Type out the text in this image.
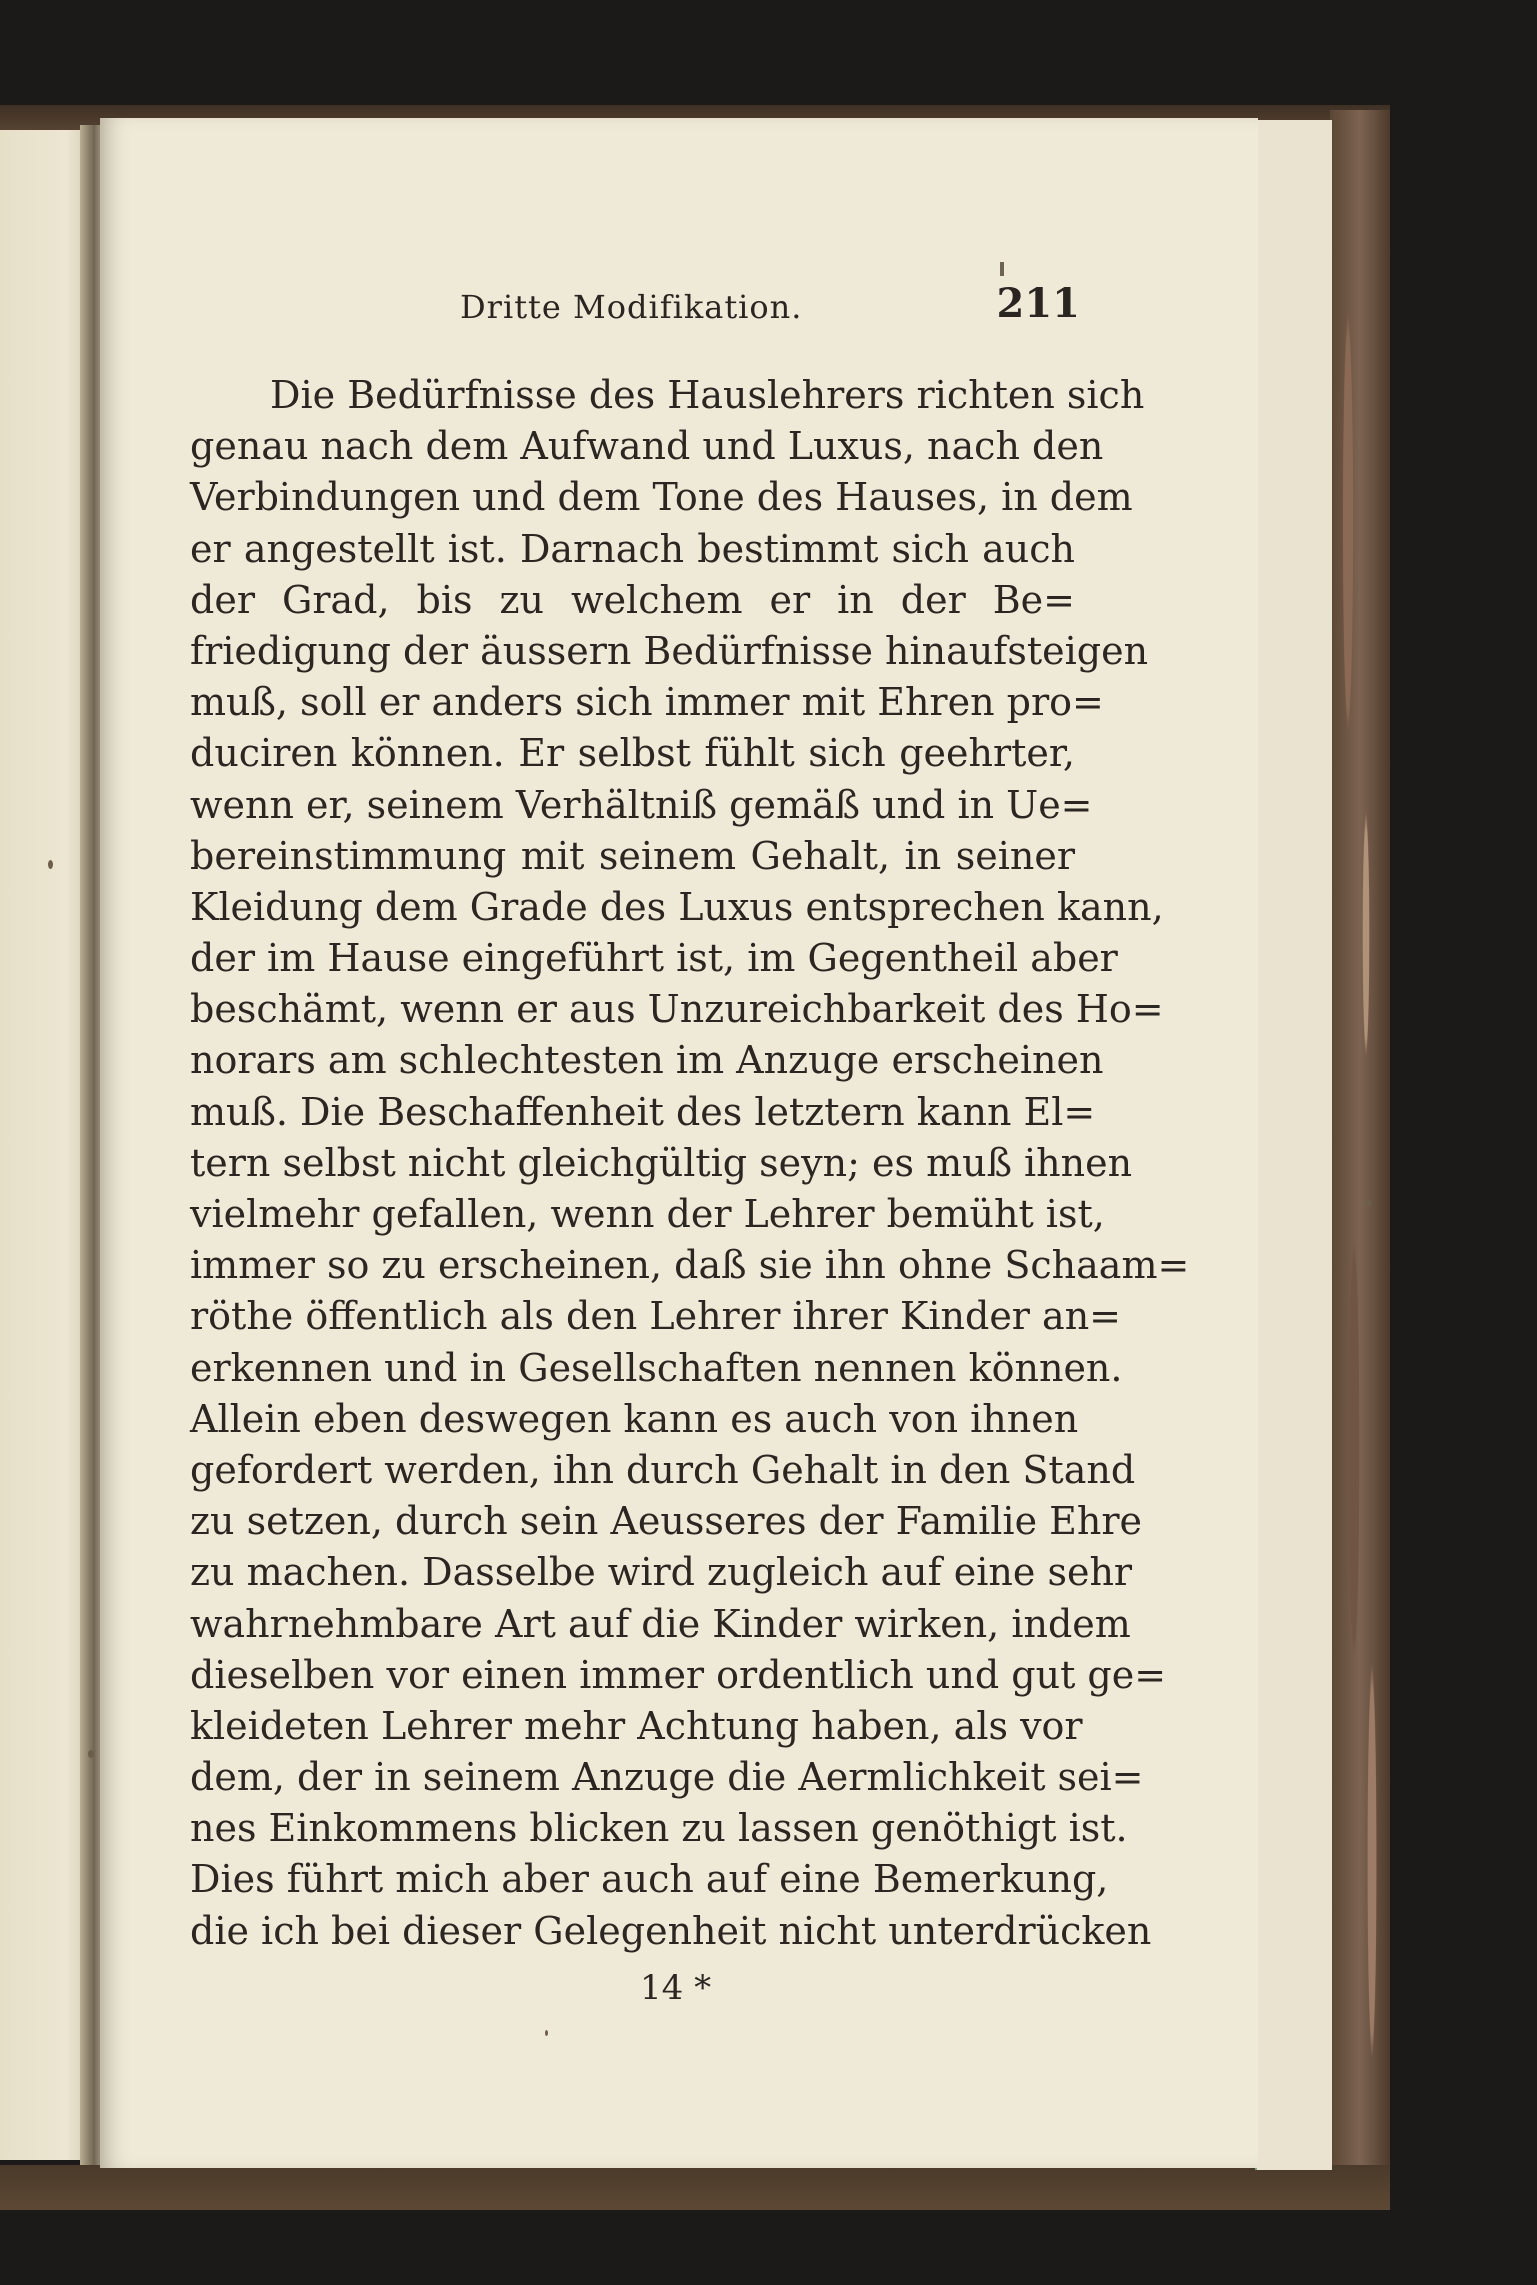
Dritte Modifikation.	211
Die Bedürfnisse des Hauslehrers richten sich
genau nach dem Aufwand und Luxus, nach den
Verbindungen und dem Tone des Hauses, in dem
er angestellt ist. Darnach bestimmt sich auch
der Grad, bis zu welchem er in der Be=
friedigung der äussern Bedürfnisse hinaufsteigen
muß, soll er anders sich immer mit Ehren pro=
duciren können. Er selbst fühlt sich geehrter,
wenn er, seinem Verhältniß gemäß und in Ue=
bereinstimmung mit seinem Gehalt, in seiner
Kleidung dem Grade des Luxus entsprechen kann,
der im Hause eingeführt ist, im Gegentheil aber
beschämt, wenn er aus Unzureichbarkeit des Ho=
norars am schlechtesten im Anzuge erscheinen
muß. Die Beschaffenheit des letztern kann El=
tern selbst nicht gleichgültig seyn; es muß ihnen
vielmehr gefallen, wenn der Lehrer bemüht ist,
immer so zu erscheinen, daß sie ihn ohne Schaam=
röthe öffentlich als den Lehrer ihrer Kinder an=
erkennen und in Gesellschaften nennen können.
Allein eben deswegen kann es auch von ihnen
gefordert werden, ihn durch Gehalt in den Stand
zu setzen, durch sein Aeusseres der Familie Ehre
zu machen. Dasselbe wird zugleich auf eine sehr
wahrnehmbare Art auf die Kinder wirken, indem
dieselben vor einen immer ordentlich und gut ge=
kleideten Lehrer mehr Achtung haben, als vor
dem, der in seinem Anzuge die Aermlichkeit sei=
nes Einkommens blicken zu lassen genöthigt ist.
Dies führt mich aber auch auf eine Bemerkung,
die ich bei dieser Gelegenheit nicht unterdrücken
14 *
